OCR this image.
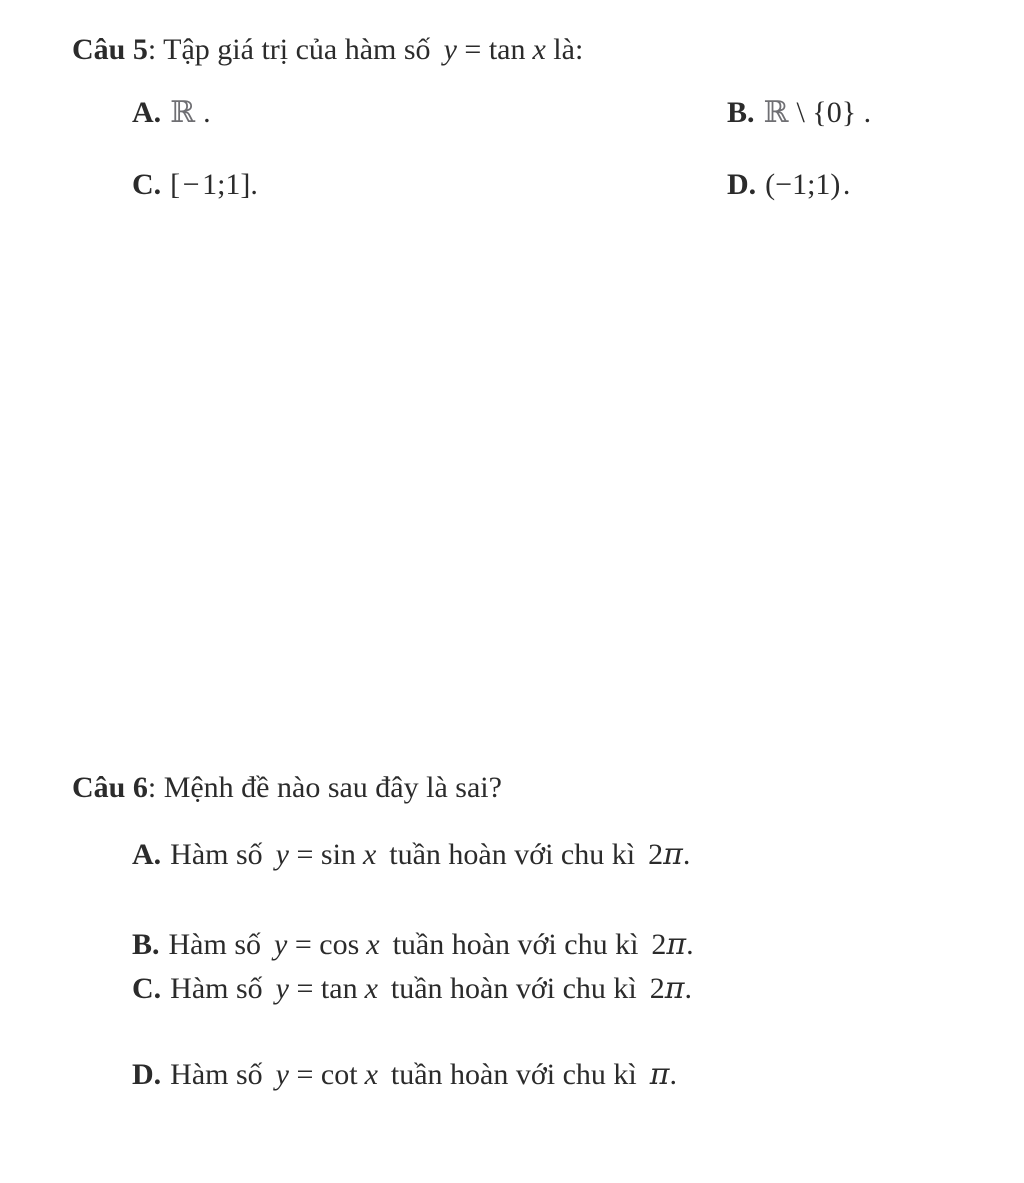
Câu 5: Tập giá trị của hàm số y = tan x là:

A. ℝ .	B. ℝ \ {0} .
C. [ − 1;1].	D. (−1;1) .

Câu 6: Mệnh đề nào sau đây là sai?

A. Hàm số y = sin x tuần hoàn với chu kì 2π.
B. Hàm số y = cos x tuần hoàn với chu kì 2π.
C. Hàm số y = tan x tuần hoàn với chu kì 2π.
D. Hàm số y = cot x tuần hoàn với chu kì π.
